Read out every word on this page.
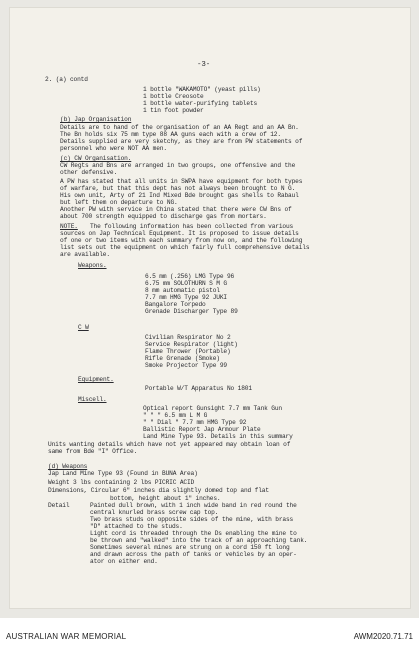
-3-
2. (a) contd
1 bottle "WAKAMOTO" (yeast pills)
1 bottle Creosote
1 bottle water-purifying tablets
1 tin foot powder
(b) Jap Organisation
Details are to hand of the organisation of an AA Regt and an AA Bn.
The Bn holds six 75 mm type 88 AA guns each with a crew of 12.
Details supplied are very sketchy, as they are from PW statements of
personnel who were NOT AA men.
(c) CW Organisation.
CW Regts and Bns are arranged in two groups, one offensive and the
other defensive.
A PW has stated that all units in SWPA have equipment for both types
of warfare, but that this dept has not always been brought to N G.
His own unit, Arty of 21 Ind Mixed Bde brought gas shells to Rabaul
but left them on departure to NG.
Another PW with service in China stated that there were CW Bns of
about 700 strength equipped to discharge gas from mortars.
NOTE. The following information has been collected from various
sources on Jap Technical Equipment. It is proposed to issue details
of one or two items with each summary from now on, and the following
list sets out the equipment on which fairly full comprehensive details
are available.
Weapons.
6.5 mm (.256) LMG Type 96
6.75 mm SOLOTHURN S M G
8 mm automatic pistol
7.7 mm HMG Type 92 JUKI
Bangalore Torpedo
Grenade Discharger Type 89
C W
Civilian Respirator No 2
Service Respirator (light)
Flame Thrower (Portable)
Rifle Grenade (Smoke)
Smoke Projector Type 99
Equipment.
Portable W/T Apparatus No 1801
Miscell.
Optical report Gunsight 7.7 mm Tank Gun
" " " 6.5 mm L M G
" " Dial " 7.7 mm HMG Type 92
Ballistic Report Jap Armour Plate
Land Mine Type 93. Details in this summary
Units wanting details which have not yet appeared may obtain loan of
same from Bde "I" Office.
(d) Weapons
Jap Land Mine Type 93 (Found in BUNA Area)
Weight 3 lbs containing 2 lbs PICRIC ACID
Dimensions, Circular 6" inches dia slightly domed top and flat
bottom, height about 1" inches.
Detail	Painted dull brown, with 1 inch wide band in red round the
central knurled brass screw cap top.
Two brass studs on opposite sides of the mine, with brass
"D" attached to the studs.
Light cord is threaded through the Ds enabling the mine to
be thrown and "walked" into the track of an approaching tank.
Sometimes several mines are strung on a cord 150 ft long
and drawn across the path of tanks or vehicles by an oper-
ator on either end.
AUSTRALIAN WAR MEMORIAL	AWM2020.71.71
